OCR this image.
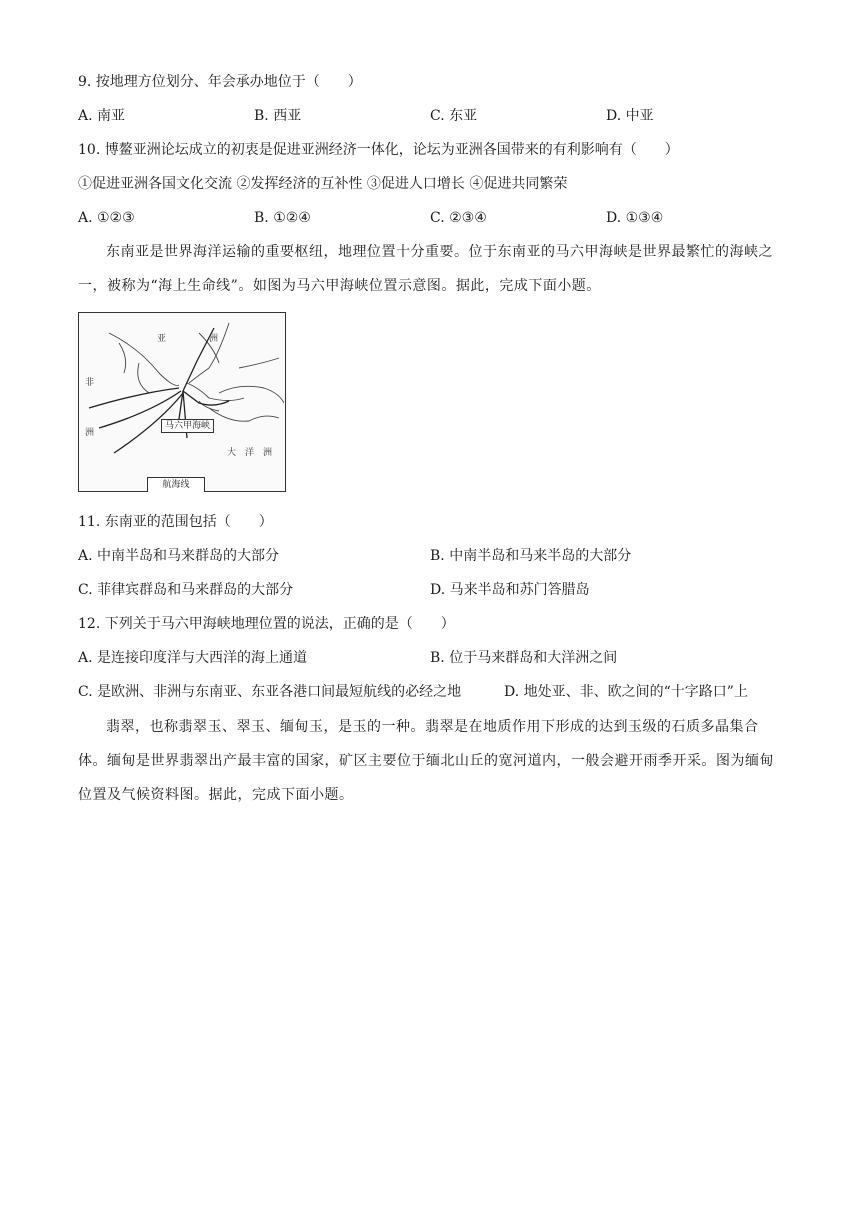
9. 按地理方位划分、年会承办地位于（　　）
A. 南亚	B. 西亚	C. 东亚	D. 中亚
10. 博鳌亚洲论坛成立的初衷是促进亚洲经济一体化，论坛为亚洲各国带来的有利影响有（　　）
①促进亚洲各国文化交流 ②发挥经济的互补性 ③促进人口增长 ④促进共同繁荣
A. ①②③	B. ①②④	C. ②③④	D. ①③④
东南亚是世界海洋运输的重要枢纽，地理位置十分重要。位于东南亚的马六甲海峡是世界最繁忙的海峡之一，被称为“海上生命线”。如图为马六甲海峡位置示意图。据此，完成下面小题。
亚	洲
非
洲
马六甲海峡
大 洋 洲
航海线
11. 东南亚的范围包括（　　）
A. 中南半岛和马来群岛的大部分	B. 中南半岛和马来半岛的大部分
C. 菲律宾群岛和马来群岛的大部分	D. 马来半岛和苏门答腊岛
12. 下列关于马六甲海峡地理位置的说法，正确的是（　　）
A. 是连接印度洋与大西洋的海上通道	B. 位于马来群岛和大洋洲之间
C. 是欧洲、非洲与东南亚、东亚各港口间最短航线的必经之地	D. 地处亚、非、欧之间的“十字路口”上
翡翠，也称翡翠玉、翠玉、缅甸玉，是玉的一种。翡翠是在地质作用下形成的达到玉级的石质多晶集合体。缅甸是世界翡翠出产最丰富的国家，矿区主要位于缅北山丘的宽河道内，一般会避开雨季开采。图为缅甸位置及气候资料图。据此，完成下面小题。
